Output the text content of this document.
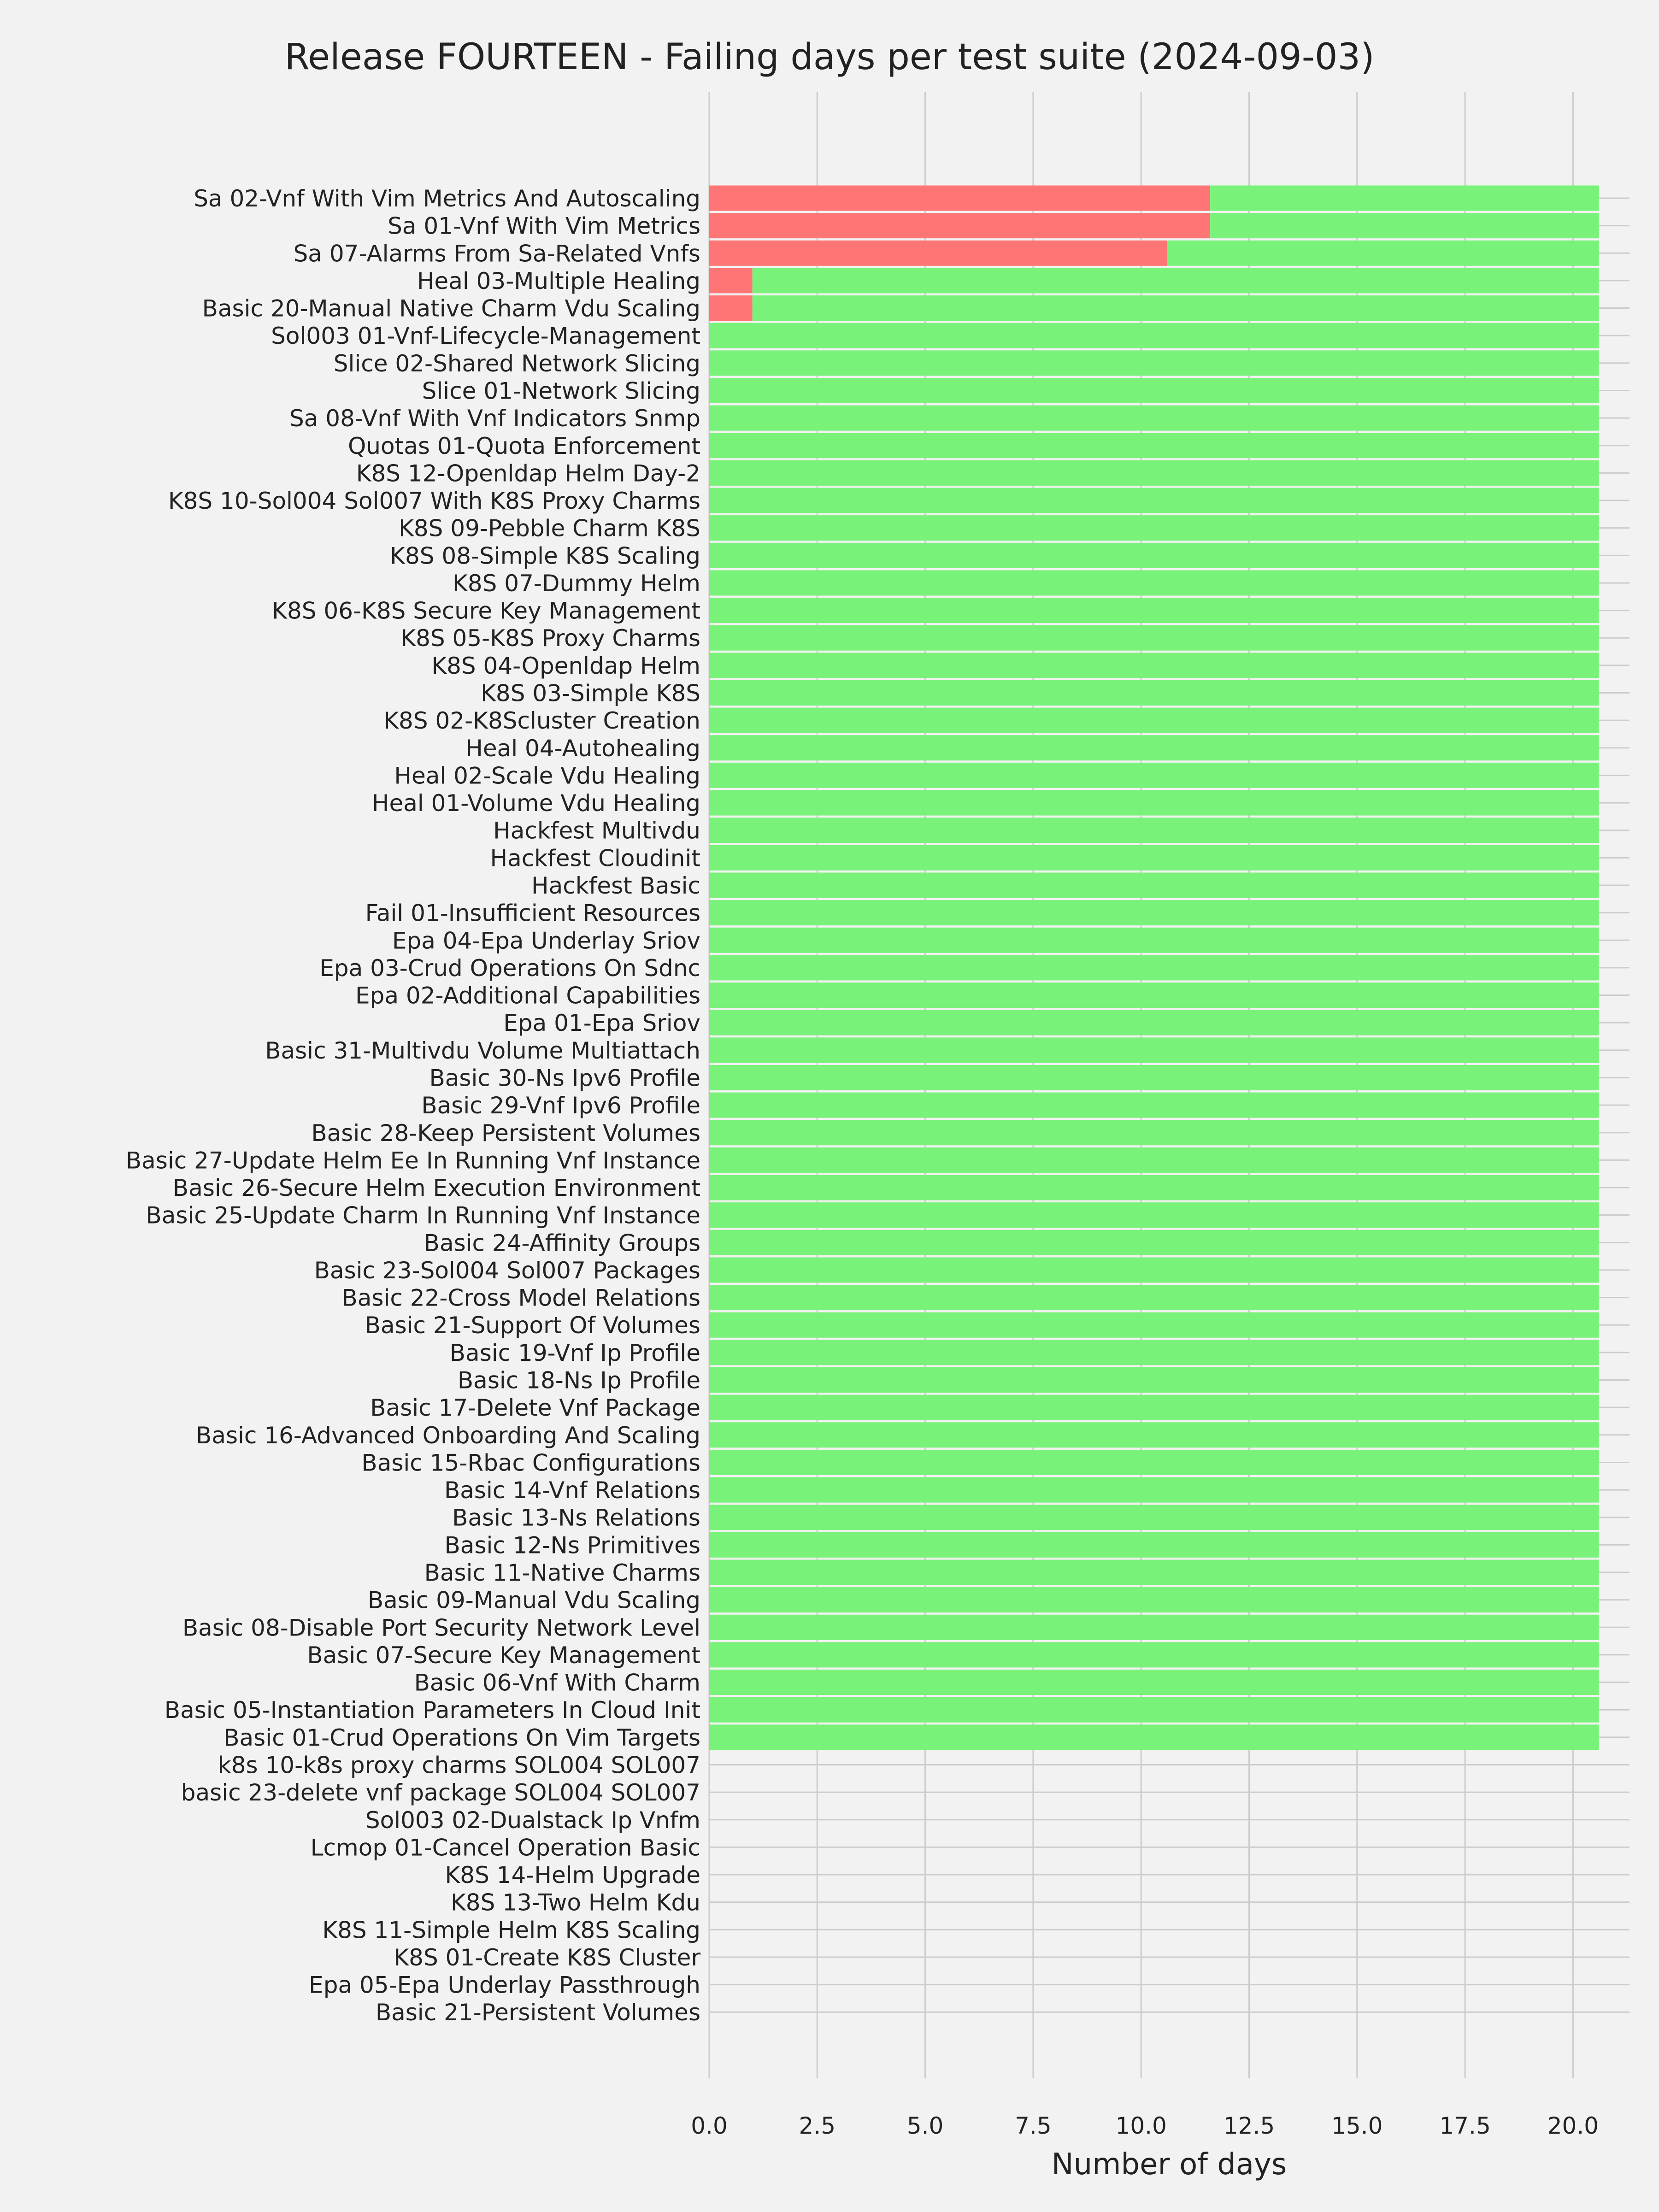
Sa 02-Vnf With Vim Metrics And Autoscaling
Sa 01-Vnf With Vim Metrics
Sa 07-Alarms From Sa-Related Vnfs
Heal 03-Multiple Healing
Basic 20-Manual Native Charm Vdu Scaling
Sol003 01-Vnf-Lifecycle-Management
Slice 02-Shared Network Slicing
Slice 01-Network Slicing
Sa 08-Vnf With Vnf Indicators Snmp
Quotas 01-Quota Enforcement
K8S 12-Openldap Helm Day-2
K8S 10-Sol004 Sol007 With K8S Proxy Charms
K8S 09-Pebble Charm K8S
K8S 08-Simple K8S Scaling
K8S 07-Dummy Helm
K8S 06-K8S Secure Key Management
K8S 05-K8S Proxy Charms
K8S 04-Openldap Helm
K8S 03-Simple K8S
K8S 02-K8Scluster Creation
Heal 04-Autohealing
Heal 02-Scale Vdu Healing
Heal 01-Volume Vdu Healing
Hackfest Multivdu
Hackfest Cloudinit
Hackfest Basic
Fail 01-Insufficient Resources
Epa 04-Epa Underlay Sriov
Epa 03-Crud Operations On Sdnc
Epa 02-Additional Capabilities
Epa 01-Epa Sriov
Basic 31-Multivdu Volume Multiattach
Basic 30-Ns Ipv6 Profile
Basic 29-Vnf Ipv6 Profile
Basic 28-Keep Persistent Volumes
Basic 27-Update Helm Ee In Running Vnf Instance
Basic 26-Secure Helm Execution Environment
Basic 25-Update Charm In Running Vnf Instance
Basic 24-Affinity Groups
Basic 23-Sol004 Sol007 Packages
Basic 22-Cross Model Relations
Basic 21-Support Of Volumes
Basic 19-Vnf Ip Profile
Basic 18-Ns Ip Profile
Basic 17-Delete Vnf Package
Basic 16-Advanced Onboarding And Scaling
Basic 15-Rbac Configurations
Basic 14-Vnf Relations
Basic 13-Ns Relations
Basic 12-Ns Primitives
Basic 11-Native Charms
Basic 09-Manual Vdu Scaling
Basic 08-Disable Port Security Network Level
Basic 07-Secure Key Management
Basic 06-Vnf With Charm
Basic 05-Instantiation Parameters In Cloud Init
Basic 01-Crud Operations On Vim Targets
k8s 10-k8s proxy charms SOL004 SOL007
basic 23-delete vnf package SOL004 SOL007
Sol003 02-Dualstack Ip Vnfm
Lcmop 01-Cancel Operation Basic
K8S 14-Helm Upgrade
K8S 13-Two Helm Kdu
K8S 11-Simple Helm K8S Scaling
K8S 01-Create K8S Cluster
Epa 05-Epa Underlay Passthrough
Basic 21-Persistent Volumes
0.0	2.5	5.0	7.5	10.0 12.5 15.0 17.5 20.0
Release FOURTEEN - Failing days per test suite (2024-09-03)
Number of days
